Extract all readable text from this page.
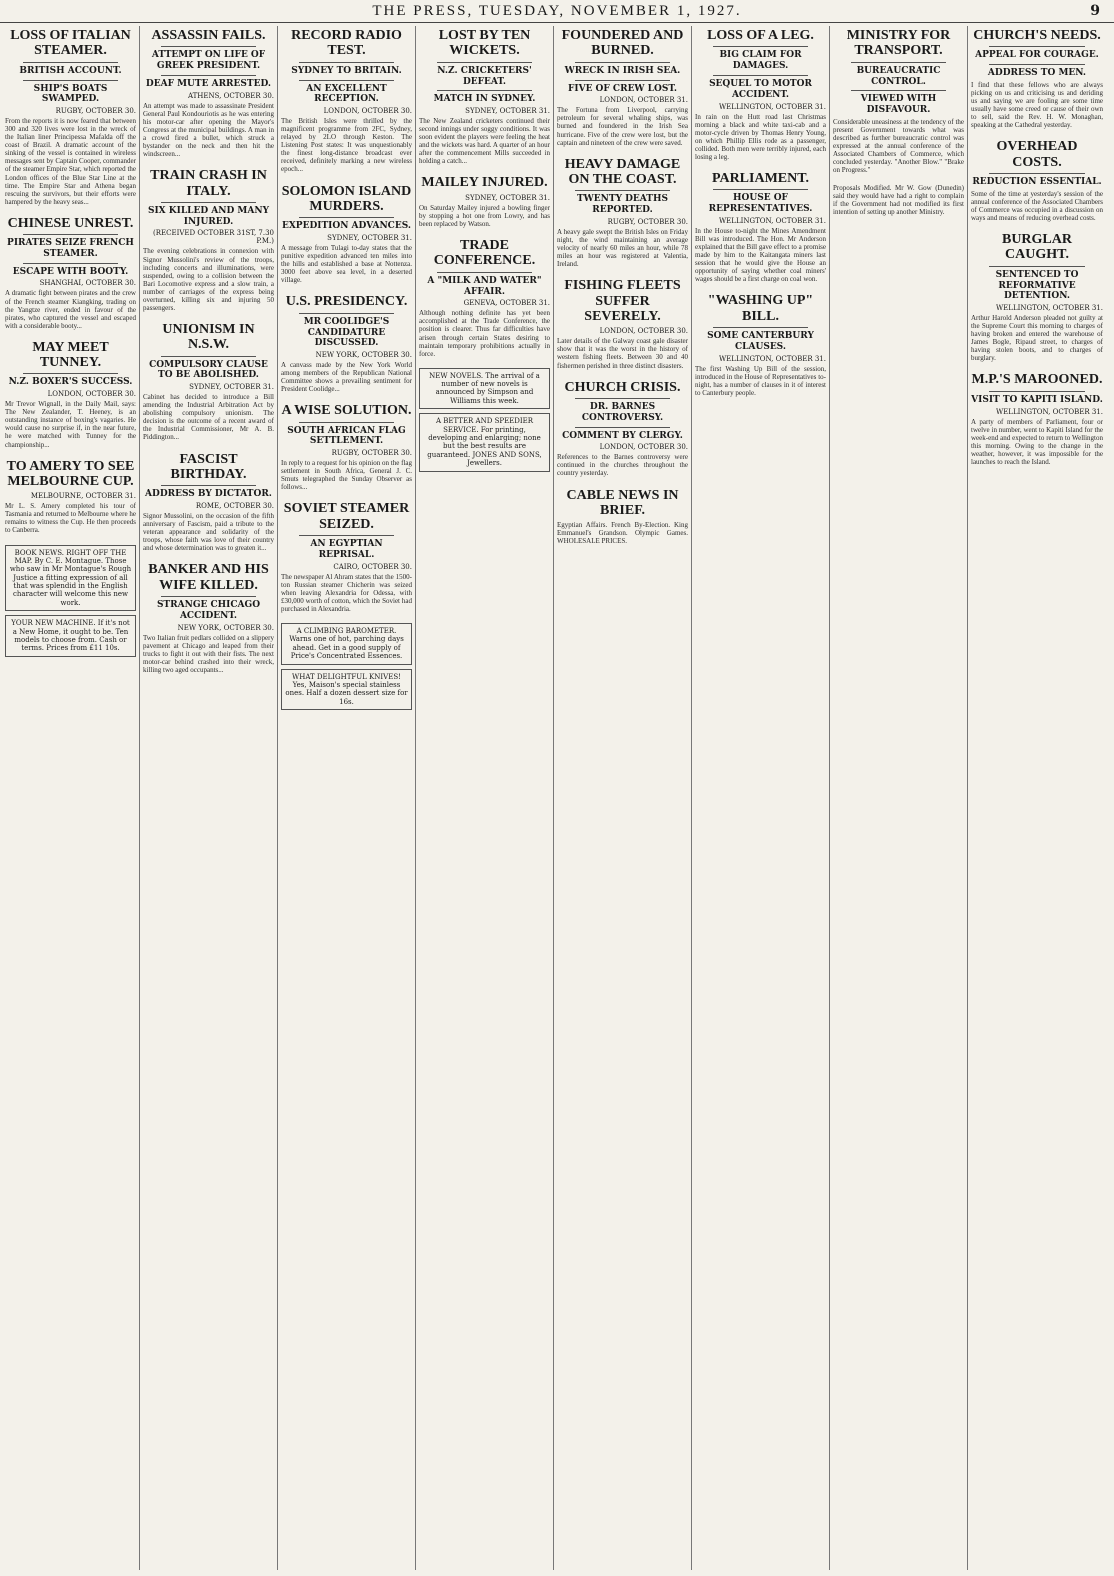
THE PRESS, TUESDAY, NOVEMBER 1, 1927.	9
LOSS OF ITALIAN STEAMER.
BRITISH ACCOUNT.
SHIP'S BOATS SWAMPED.
RUGBY, OCTOBER 30.

From the reports it is now feared that between 300 and 320 lives were lost in the wreck of the Italian liner Principessa Mafalda off the coast of Brazil. A dramatic account of the sinking of the vessel is contained in wireless messages sent by Captain Cooper, commander of the steamer Empire Star, which reported the London offices of the Blue Star Line at the time. The Empire Star and Athena began rescuing the survivors, but their efforts were hampered by the heavy seas...

CHINESE UNREST.
PIRATES SEIZE FRENCH STEAMER.
ESCAPE WITH BOOTY.
SHANGHAI, OCTOBER 30.

A dramatic fight between pirates and the crew of the French steamer Kiangking, trading on the Yangtze river, ended in favour of the pirates, who captured the vessel and escaped with a considerable booty...

MAY MEET TUNNEY.
N.Z. BOXER'S SUCCESS.
LONDON, OCTOBER 30.

Mr Trevor Wignall, in the Daily Mail, says: The New Zealander, T. Heeney, is an outstanding instance of boxing's vagaries. He would cause no surprise if, in the near future, he were matched with Tunney for the championship...

TO AMERY TO SEE MELBOURNE CUP.
MELBOURNE, OCTOBER 31.

Mr L. S. Amery completed his tour of Tasmania and returned to Melbourne where he remains to witness the Cup. He then proceeds to Canberra.

BOOK NEWS. RIGHT OFF THE MAP. By C. E. Montague. Those who saw in Mr Montague's Rough Justice a fitting expression of all that was splendid in the English character will welcome this new work.
YOUR NEW MACHINE. If it's not a New Home, it ought to be. Ten models to choose from. Cash or terms. Prices from £11 10s.
ASSASSIN FAILS.
ATTEMPT ON LIFE OF GREEK PRESIDENT.
DEAF MUTE ARRESTED.
ATHENS, OCTOBER 30.

An attempt was made to assassinate President General Paul Kondouriotis as he was entering his motor-car after opening the Mayor's Congress at the municipal buildings. A man in a crowd fired a bullet, which struck a bystander on the neck and then hit the windscreen...

TRAIN CRASH IN ITALY.
SIX KILLED AND MANY INJURED.
(RECEIVED OCTOBER 31ST, 7.30 P.M.)

The evening celebrations in connexion with Signor Mussolini's review of the troops, including concerts and illuminations, were suspended, owing to a collision between the Bari Locomotive express and a slow train, a number of carriages of the express being overturned, killing six and injuring 50 passengers.

UNIONISM IN N.S.W.
COMPULSORY CLAUSE TO BE ABOLISHED.
SYDNEY, OCTOBER 31.

Cabinet has decided to introduce a Bill amending the Industrial Arbitration Act by abolishing compulsory unionism. The decision is the outcome of a recent award of the Industrial Commissioner, Mr A. B. Piddington...

FASCIST BIRTHDAY.
ADDRESS BY DICTATOR.
ROME, OCTOBER 30.

Signor Mussolini, on the occasion of the fifth anniversary of Fascism, paid a tribute to the veteran appearance and solidarity of the troops, whose faith was love of their country and whose determination was to greaten it...

BANKER AND HIS WIFE KILLED.
STRANGE CHICAGO ACCIDENT.
NEW YORK, OCTOBER 30.

Two Italian fruit pedlars collided on a slippery pavement at Chicago and leaped from their trucks to fight it out with their fists. The next motor-car behind crashed into their wreck, killing two aged occupants...

RECORD RADIO TEST.
SYDNEY TO BRITAIN.
AN EXCELLENT RECEPTION.
LONDON, OCTOBER 30.

The British Isles were thrilled by the magnificent programme from 2FC, Sydney, relayed by 2LO through Keston. The Listening Post states: It was unquestionably the finest long-distance broadcast ever received, definitely marking a new wireless epoch...

SOLOMON ISLAND MURDERS.
EXPEDITION ADVANCES.
SYDNEY, OCTOBER 31.

A message from Tulagi to-day states that the punitive expedition advanced ten miles into the hills and established a base at Nottenza. 3000 feet above sea level, in a deserted village.

U.S. PRESIDENCY.
MR COOLIDGE'S CANDIDATURE DISCUSSED.
NEW YORK, OCTOBER 30.

A canvass made by the New York World among members of the Republican National Committee shows a prevailing sentiment for President Coolidge...

A WISE SOLUTION.
SOUTH AFRICAN FLAG SETTLEMENT.
RUGBY, OCTOBER 30.

In reply to a request for his opinion on the flag settlement in South Africa, General J. C. Smuts telegraphed the Sunday Observer as follows...

SOVIET STEAMER SEIZED.
AN EGYPTIAN REPRISAL.
CAIRO, OCTOBER 30.

The newspaper Al Ahram states that the 1500-ton Russian steamer Chicherin was seized when leaving Alexandria for Odessa, with £30,000 worth of cotton, which the Soviet had purchased in Alexandria.

A CLIMBING BAROMETER. Warns one of hot, parching days ahead. Get in a good supply of Price's Concentrated Essences.
WHAT DELIGHTFUL KNIVES! Yes, Maison's special stainless ones. Half a dozen dessert size for 16s.
LOST BY TEN WICKETS.
N.Z. CRICKETERS' DEFEAT.
MATCH IN SYDNEY.
SYDNEY, OCTOBER 31.

The New Zealand cricketers continued their second innings under soggy conditions. It was soon evident the players were feeling the heat and the wickets was hard. A quarter of an hour after the commencement Mills succeeded in holding a catch...

MAILEY INJURED.
SYDNEY, OCTOBER 31.

On Saturday Mailey injured a bowling finger by stopping a hot one from Lowry, and has been replaced by Watson.

TRADE CONFERENCE.
A "MILK AND WATER" AFFAIR.
GENEVA, OCTOBER 31.

Although nothing definite has yet been accomplished at the Trade Conference, the position is clearer. Thus far difficulties have arisen through certain States desiring to maintain temporary prohibitions actually in force.

NEW NOVELS. The arrival of a number of new novels is announced by Simpson and Williams this week.
A BETTER AND SPEEDIER SERVICE. For printing, developing and enlarging; none but the best results are guaranteed. JONES AND SONS, Jewellers.
FOUNDERED AND BURNED.
WRECK IN IRISH SEA.
FIVE OF CREW LOST.
LONDON, OCTOBER 31.

The Fortuna from Liverpool, carrying petroleum for several whaling ships, was burned and foundered in the Irish Sea hurricane. Five of the crew were lost, but the captain and nineteen of the crew were saved.

HEAVY DAMAGE ON THE COAST.
TWENTY DEATHS REPORTED.
RUGBY, OCTOBER 30.

A heavy gale swept the British Isles on Friday night, the wind maintaining an average velocity of nearly 60 miles an hour, while 78 miles an hour was registered at Valentia, Ireland.

FISHING FLEETS SUFFER SEVERELY.
LONDON, OCTOBER 30.

Later details of the Galway coast gale disaster show that it was the worst in the history of western fishing fleets. Between 30 and 40 fishermen perished in three distinct disasters.

CHURCH CRISIS.
DR. BARNES CONTROVERSY.
COMMENT BY CLERGY.
LONDON, OCTOBER 30.

References to the Barnes controversy were continued in the churches throughout the country yesterday.

CABLE NEWS IN BRIEF.

Egyptian Affairs. French By-Election. King Emmanuel's Grandson. Olympic Games. WHOLESALE PRICES.

LOSS OF A LEG.
BIG CLAIM FOR DAMAGES.
SEQUEL TO MOTOR ACCIDENT.
WELLINGTON, OCTOBER 31.

In rain on the Hutt road last Christmas morning a black and white taxi-cab and a motor-cycle driven by Thomas Henry Young, on which Phillip Ellis rode as a passenger, collided. Both men were terribly injured, each losing a leg.

PARLIAMENT.
HOUSE OF REPRESENTATIVES.
WELLINGTON, OCTOBER 31.

In the House to-night the Mines Amendment Bill was introduced. The Hon. Mr Anderson explained that the Bill gave effect to a promise made by him to the Kaitangata miners last session that he would give the House an opportunity of saying whether coal miners' wages should be a first charge on coal won.

"WASHING UP" BILL.
SOME CANTERBURY CLAUSES.
WELLINGTON, OCTOBER 31.

The first Washing Up Bill of the session, introduced in the House of Representatives to-night, has a number of clauses in it of interest to Canterbury people.

MINISTRY FOR TRANSPORT.
BUREAUCRATIC CONTROL.
VIEWED WITH DISFAVOUR.

Considerable uneasiness at the tendency of the present Government towards what was described as further bureaucratic control was expressed at the annual conference of the Associated Chambers of Commerce, which concluded yesterday. "Another Blow." "Brake on Progress."

Proposals Modified. Mr W. Gow (Dunedin) said they would have had a right to complain if the Government had not modified its first intention of setting up another Ministry.

CHURCH'S NEEDS.
APPEAL FOR COURAGE.
ADDRESS TO MEN.

I find that these fellows who are always picking on us and criticising us and deriding us and saying we are fooling are some time usually have some creed or cause of their own to sell, said the Rev. H. W. Monaghan, speaking at the Cathedral yesterday.

OVERHEAD COSTS.
REDUCTION ESSENTIAL.

Some of the time at yesterday's session of the annual conference of the Associated Chambers of Commerce was occupied in a discussion on ways and means of reducing overhead costs.

BURGLAR CAUGHT.
SENTENCED TO REFORMATIVE DETENTION.
WELLINGTON, OCTOBER 31.

Arthur Harold Anderson pleaded not guilty at the Supreme Court this morning to charges of having broken and entered the warehouse of James Bogle, Ripaud street, to charges of having stolen boots, and to charges of burglary.

M.P.'S MAROONED.
VISIT TO KAPITI ISLAND.
WELLINGTON, OCTOBER 31.

A party of members of Parliament, four or twelve in number, went to Kapiti Island for the week-end and expected to return to Wellington this morning. Owing to the change in the weather, however, it was impossible for the launches to reach the Island.
